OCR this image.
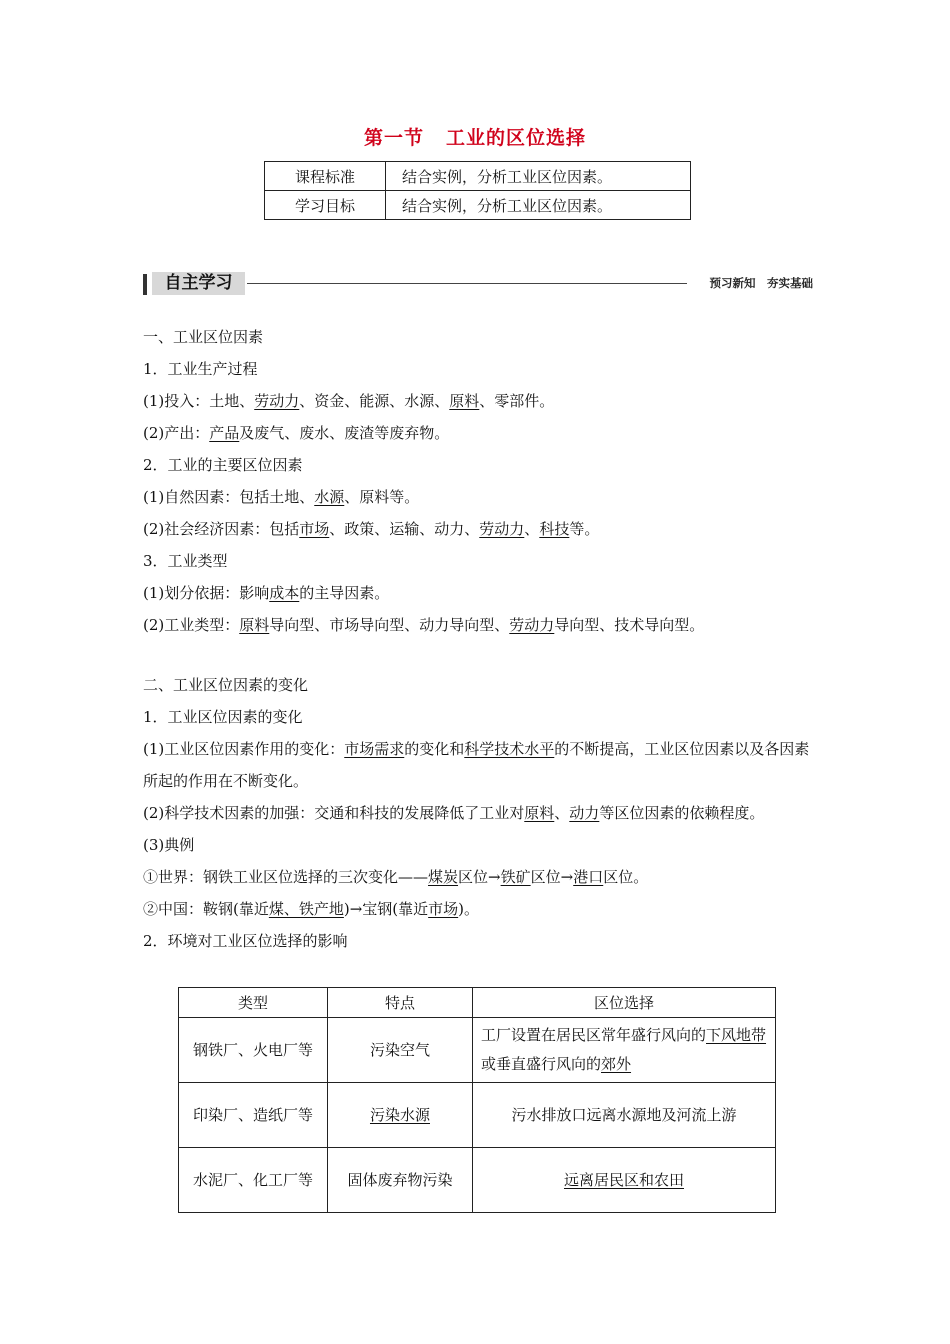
第一节 工业的区位选择
课程标准	结合实例，分析工业区位因素。
学习目标	结合实例，分析工业区位因素。
自主学习	预习新知　夯实基础

一、工业区位因素

1．工业生产过程

(1)投入：土地、劳动力、资金、能源、水源、原料、零部件。

(2)产出：产品及废气、废水、废渣等废弃物。

2．工业的主要区位因素

(1)自然因素：包括土地、水源、原料等。

(2)社会经济因素：包括市场、政策、运输、动力、劳动力、科技等。

3．工业类型

(1)划分依据：影响成本的主导因素。

(2)工业类型：原料导向型、市场导向型、动力导向型、劳动力导向型、技术导向型。

二、工业区位因素的变化

1．工业区位因素的变化

(1)工业区位因素作用的变化：市场需求的变化和科学技术水平的不断提高，工业区位因素以及各因素所起的作用在不断变化。

(2)科学技术因素的加强：交通和科技的发展降低了工业对原料、动力等区位因素的依赖程度。

(3)典例

①世界：钢铁工业区位选择的三次变化——煤炭区位→铁矿区位→港口区位。

②中国：鞍钢(靠近煤、铁产地)→宝钢(靠近市场)。

2．环境对工业区位选择的影响

类型	特点	区位选择
钢铁厂、火电厂等	污染空气	工厂设置在居民区常年盛行风向的下风地带或垂直盛行风向的郊外
印染厂、造纸厂等	污染水源	污水排放口远离水源地及河流上游
水泥厂、化工厂等	固体废弃物污染	远离居民区和农田
